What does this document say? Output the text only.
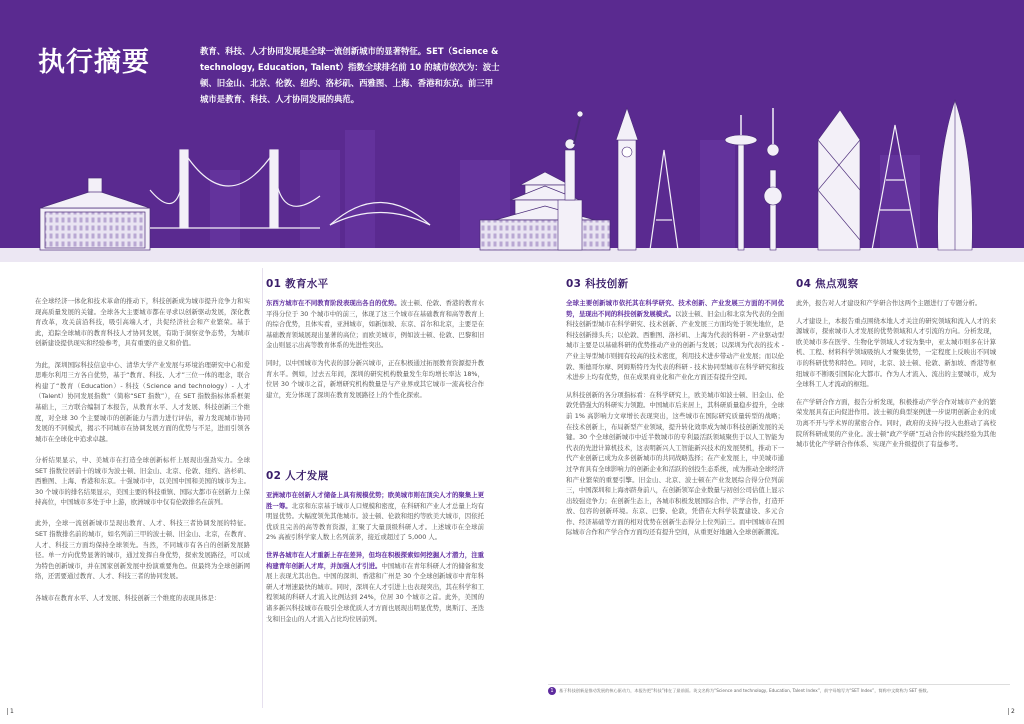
执行摘要	教育、科技、人才协同发展是全球一流创新城市的显著特征。SET（Science & technology, Education, Talent）指数全球排名前 10 的城市依次为：波士顿、旧金山、北京、伦敦、纽约、洛杉矶、西雅图、上海、香港和东京。前三甲城市是教育、科技、人才协同发展的典范。

在全球经济一体化和技术革命的推动下，科技创新成为城市提升竞争力和实现高质量发展的关键。全球各大主要城市都在寻求以创新驱动发展，深化教育改革，攻关前沿科技，吸引高端人才，共促经济社会和产业繁荣。基于此，追踪全球城市的教育科技人才协同发展，有助于洞察竞争态势，为城市创新建设提供现实和经验参考，具有重要的意义和价值。

为此，深圳国际科技信息中心、清华大学产业发展与环境治理研究中心和爱思唯尔利用三方各自优势，基于“教育、科技、人才”三位一体的理念，联合构建了“教育（Education）- 科技（Science and technology）- 人才（Talent）协同发展指数”（简称“SET 指数”），在 SET 指数指标体系框架基础上，三方联合编制了本报告，从教育水平、人才发展、科技创新三个维度，对全球 30 个主要城市的创新能力与潜力进行评估，着力发现城市协同发展的不同模式，揭示不同城市在协调发展方面的优势与不足，进而引领各城市在全球化中追求卓越。

分析结果显示，中、美城市在打造全球创新标杆上展现出强劲实力。全球 SET 指数位居前十的城市为波士顿、旧金山、北京、伦敦、纽约、洛杉矶、西雅图、上海、香港和东京。十强城市中，以美国中国和美国的城市为主。30 个城市的排名结果显示，美国主要的科技重镇、国际大都市在创新力上保持高位，中国城市多处于中上游，欧洲城市中仅有伦敦排名在前列。

此外，全球一流创新城市呈现出教育、人才、科技三者协调发展的特征。SET 指数排名前的城市，如名列前三甲的波士顿、旧金山、北京，在教育、人才、科技三方面均保持全球领先。当然，不同城市有各自的创新发展路径。单一方向优势显著的城市，通过发挥自身优势，探索发展路径，可以成为特色创新城市，并在国家创新发展中扮演重要角色。但最终为全球创新网络，还需要通过教育、人才、科技三者的协同发展。

各城市在教育水平、人才发展、科技创新三个维度的表现具体是：

01 教育水平

东西方城市在不同教育阶段表现出各自的优势。波士顿、伦敦、香港的教育水平得分位于 30 个城市中的前三，体现了这三个城市在基础教育和高等教育上的综合优势，且体实看，亚洲城市，如新加坡、东京、首尔和北京，主要是在基础教育领域展现出显著的高位；而欧美城市，例如波士顿、伦敦、巴黎和旧金山则显示出高等教育体系的先进性突出。

同时，以中国城市为代表的部分新兴城市，正在积极通过拓展教育资源提升教育水平。例如，过去五年间，深圳的研究机构数量发生年均增长率达 18%，位居 30 个城市之首，新增研究机构数量是与产业界或其它城市一流高校合作建立，充分体现了深圳在教育发展路径上的个性化探索。

02 人才发展

亚洲城市在创新人才储备上具有规模优势；欧美城市则在顶尖人才的聚集上更胜一筹。北京和东京基于城市人口规模和密度，在科研和产业人才总量上均有明显优势。大幅度领先其他城市。波士顿、伦敦和纽约等欧美大城市，因依托优质且完善的高等教育资源，汇聚了大量顶级科研人才。上述城市在全球前 2% 高被引科学家人数上名列前茅，接近或超过了 5,000 人。

世界各城市在人才重新上存在差异，但均在积极探索如何挖掘人才潜力，注重构建青年创新人才库，并加强人才引进。中国城市在青年科研人才的储备和发展上表现尤其出色。中国的深圳、香港和广州是 30 个全球创新城市中青年科研人才增速最快的城市。同时，深圳在人才引进上也表现突出，其在科学和工程领域的科研人才流入比例达到 24%，位居 30 个城市之首。此外，美国的诸多新兴科技城市在吸引全球优质人才方面也展现出明显优势，奥斯汀、圣迭戈和旧金山的人才流入占比均位居前列。

03 科技创新

全球主要创新城市依托其在科学研究、技术创新、产业发展三方面的不同优势，呈现出不同的科技创新发展模式。以波士顿、旧金山和北京为代表的全面科技创新型城市在科学研究、技术创新、产业发展三方面均处于领先地位，是科技创新排头兵；以伦敦、西雅图、洛杉矶、上海为代表的科研 - 产业驱动型城市主要是以基础科研的优势推动产业的创新与发展；以深圳为代表的技术 - 产业主导型城市则拥有较高的技术密度，利用技术进步带动产业发展；而以伦敦、斯德哥尔摩、阿姆斯特丹为代表的科研 - 技术协同型城市在科学研究和技术进步上均有优势，但在成果商业化和产业化方面还有提升空间。

从科技创新的各分项指标看：在科学研究上，欧美城市如波士顿、旧金山、伦敦凭借强大的科研实力领跑。中国城市后来居上，其科研质量稳步提升，全球前 1% 高影响力文章增长表现突出，这些城市在国际研究质量转型的战略；在技术创新上，布局新型产业领域，提升转化效率成为城市科技创新发展的关键。30 个全球创新城市中近半数城市的专利最活跃领域聚焦于以人工智能为代表的先进计算机技术，这表明新兴人工智能新兴技术的发展契机，推动下一代产业创新已成为众多创新城市的共同战略选择；在产业发展上，中美城市通过孕育具有全球影响力的创新企业和活跃的创投生态系统，成为推动全球经济和产业繁荣的重要引擎。旧金山、北京、波士顿在产业发展综合得分位列前三，中国深圳和上海亦跻身前八，在创新领军企业数量与初创公司估值上显示出较强竞争力；在创新生态上，各城市积极发展国际合作、产学合作，打造开放、包容的创新环境。东京、巴黎、伦敦，凭借在大科学装置建设、多元合作、经济基础等方面的相对优势在创新生态得分上位列前三。而中国城市在国际城市合作和产学合作方面均还有提升空间，从重更好地融入全球创新潮流。

04 焦点观察

此外，报告对人才建设和产学研合作这两个主题进行了专题分析。

人才建设上，本报告重点围绕本地人才关注的研究领域和流入人才的来源城市，探索城市人才发展的优势领域和人才引流的方向。分析发现，欧美城市多在医学、生物化学领域人才较为集中，亚太城市则多在计算机、工程、材料科学领域吸纳人才聚集优势，一定程度上反映出不同城市的科研优势和特色。同时，北京、波士顿、伦敦、新加坡、香港等枢纽城市不断吸引国际化大都市。作为人才流入、流出的主要城市，成为全球科工人才流动的枢纽。

在产学研合作方面，报告分析发现，积极推动产学合作对城市产业的繁荣发展具有正向促进作用。波士顿的典型案例进一步说明创新企业的成功离不开与学术界的紧密合作。同时，政府的支持与投入也推动了高校院所科研成果的产业化。波士顿“政产学研”互动合作的实践经验为其他城市优化产学研合作体系、实现产业升级提供了有益参考。

1 基于科技创新是推动发展的核心驱动力，本报告把“科技”排在了最前面。英文名称为“Science and technology, Education, Talent Index”，前字母缩写为“SET Index”，简称中文简称为 SET 指数。
1	2
